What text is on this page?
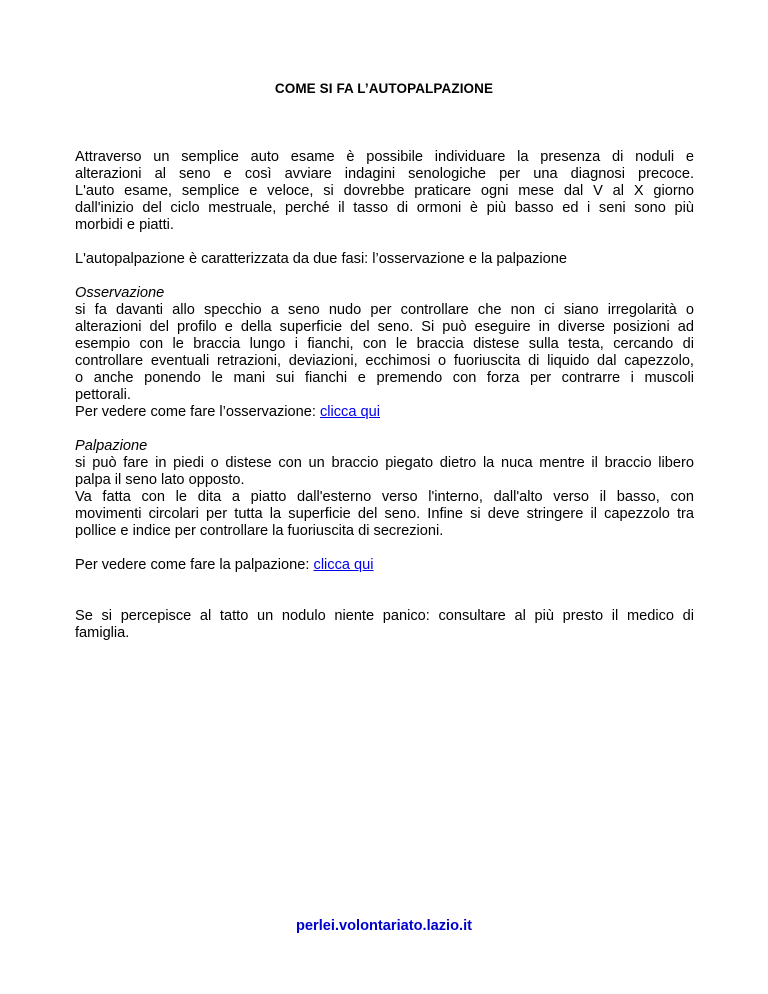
COME SI FA L’AUTOPALPAZIONE

Attraverso un semplice auto esame è possibile individuare la presenza di noduli e

alterazioni al seno e così avviare indagini senologiche per una diagnosi precoce.

L'auto esame, semplice e veloce, si dovrebbe praticare ogni mese dal V al X giorno

dall'inizio del ciclo mestruale, perché il tasso di ormoni è più basso ed i seni sono più

morbidi e piatti.

L'autopalpazione è caratterizzata da due fasi: l’osservazione e la palpazione

Osservazione

si fa davanti allo specchio a seno nudo per controllare che non ci siano irregolarità o

alterazioni del profilo e della superficie del seno. Si può eseguire in diverse posizioni ad

esempio con le braccia lungo i fianchi, con le braccia distese sulla testa, cercando di

controllare eventuali retrazioni, deviazioni, ecchimosi o fuoriuscita di liquido dal capezzolo,

o anche ponendo le mani sui fianchi e premendo con forza per contrarre i muscoli

pettorali.

Per vedere come fare l’osservazione: clicca qui

Palpazione

si può fare in piedi o distese con un braccio piegato dietro la nuca mentre il braccio libero

palpa il seno lato opposto.

Va fatta con le dita a piatto dall'esterno verso l'interno, dall'alto verso il basso, con

movimenti circolari per tutta la superficie del seno. Infine si deve stringere il capezzolo tra

pollice e indice per controllare la fuoriuscita di secrezioni.

Per vedere come fare la palpazione: clicca qui

Se si percepisce al tatto un nodulo niente panico: consultare al più presto il medico di

famiglia.

perlei.volontariato.lazio.it
